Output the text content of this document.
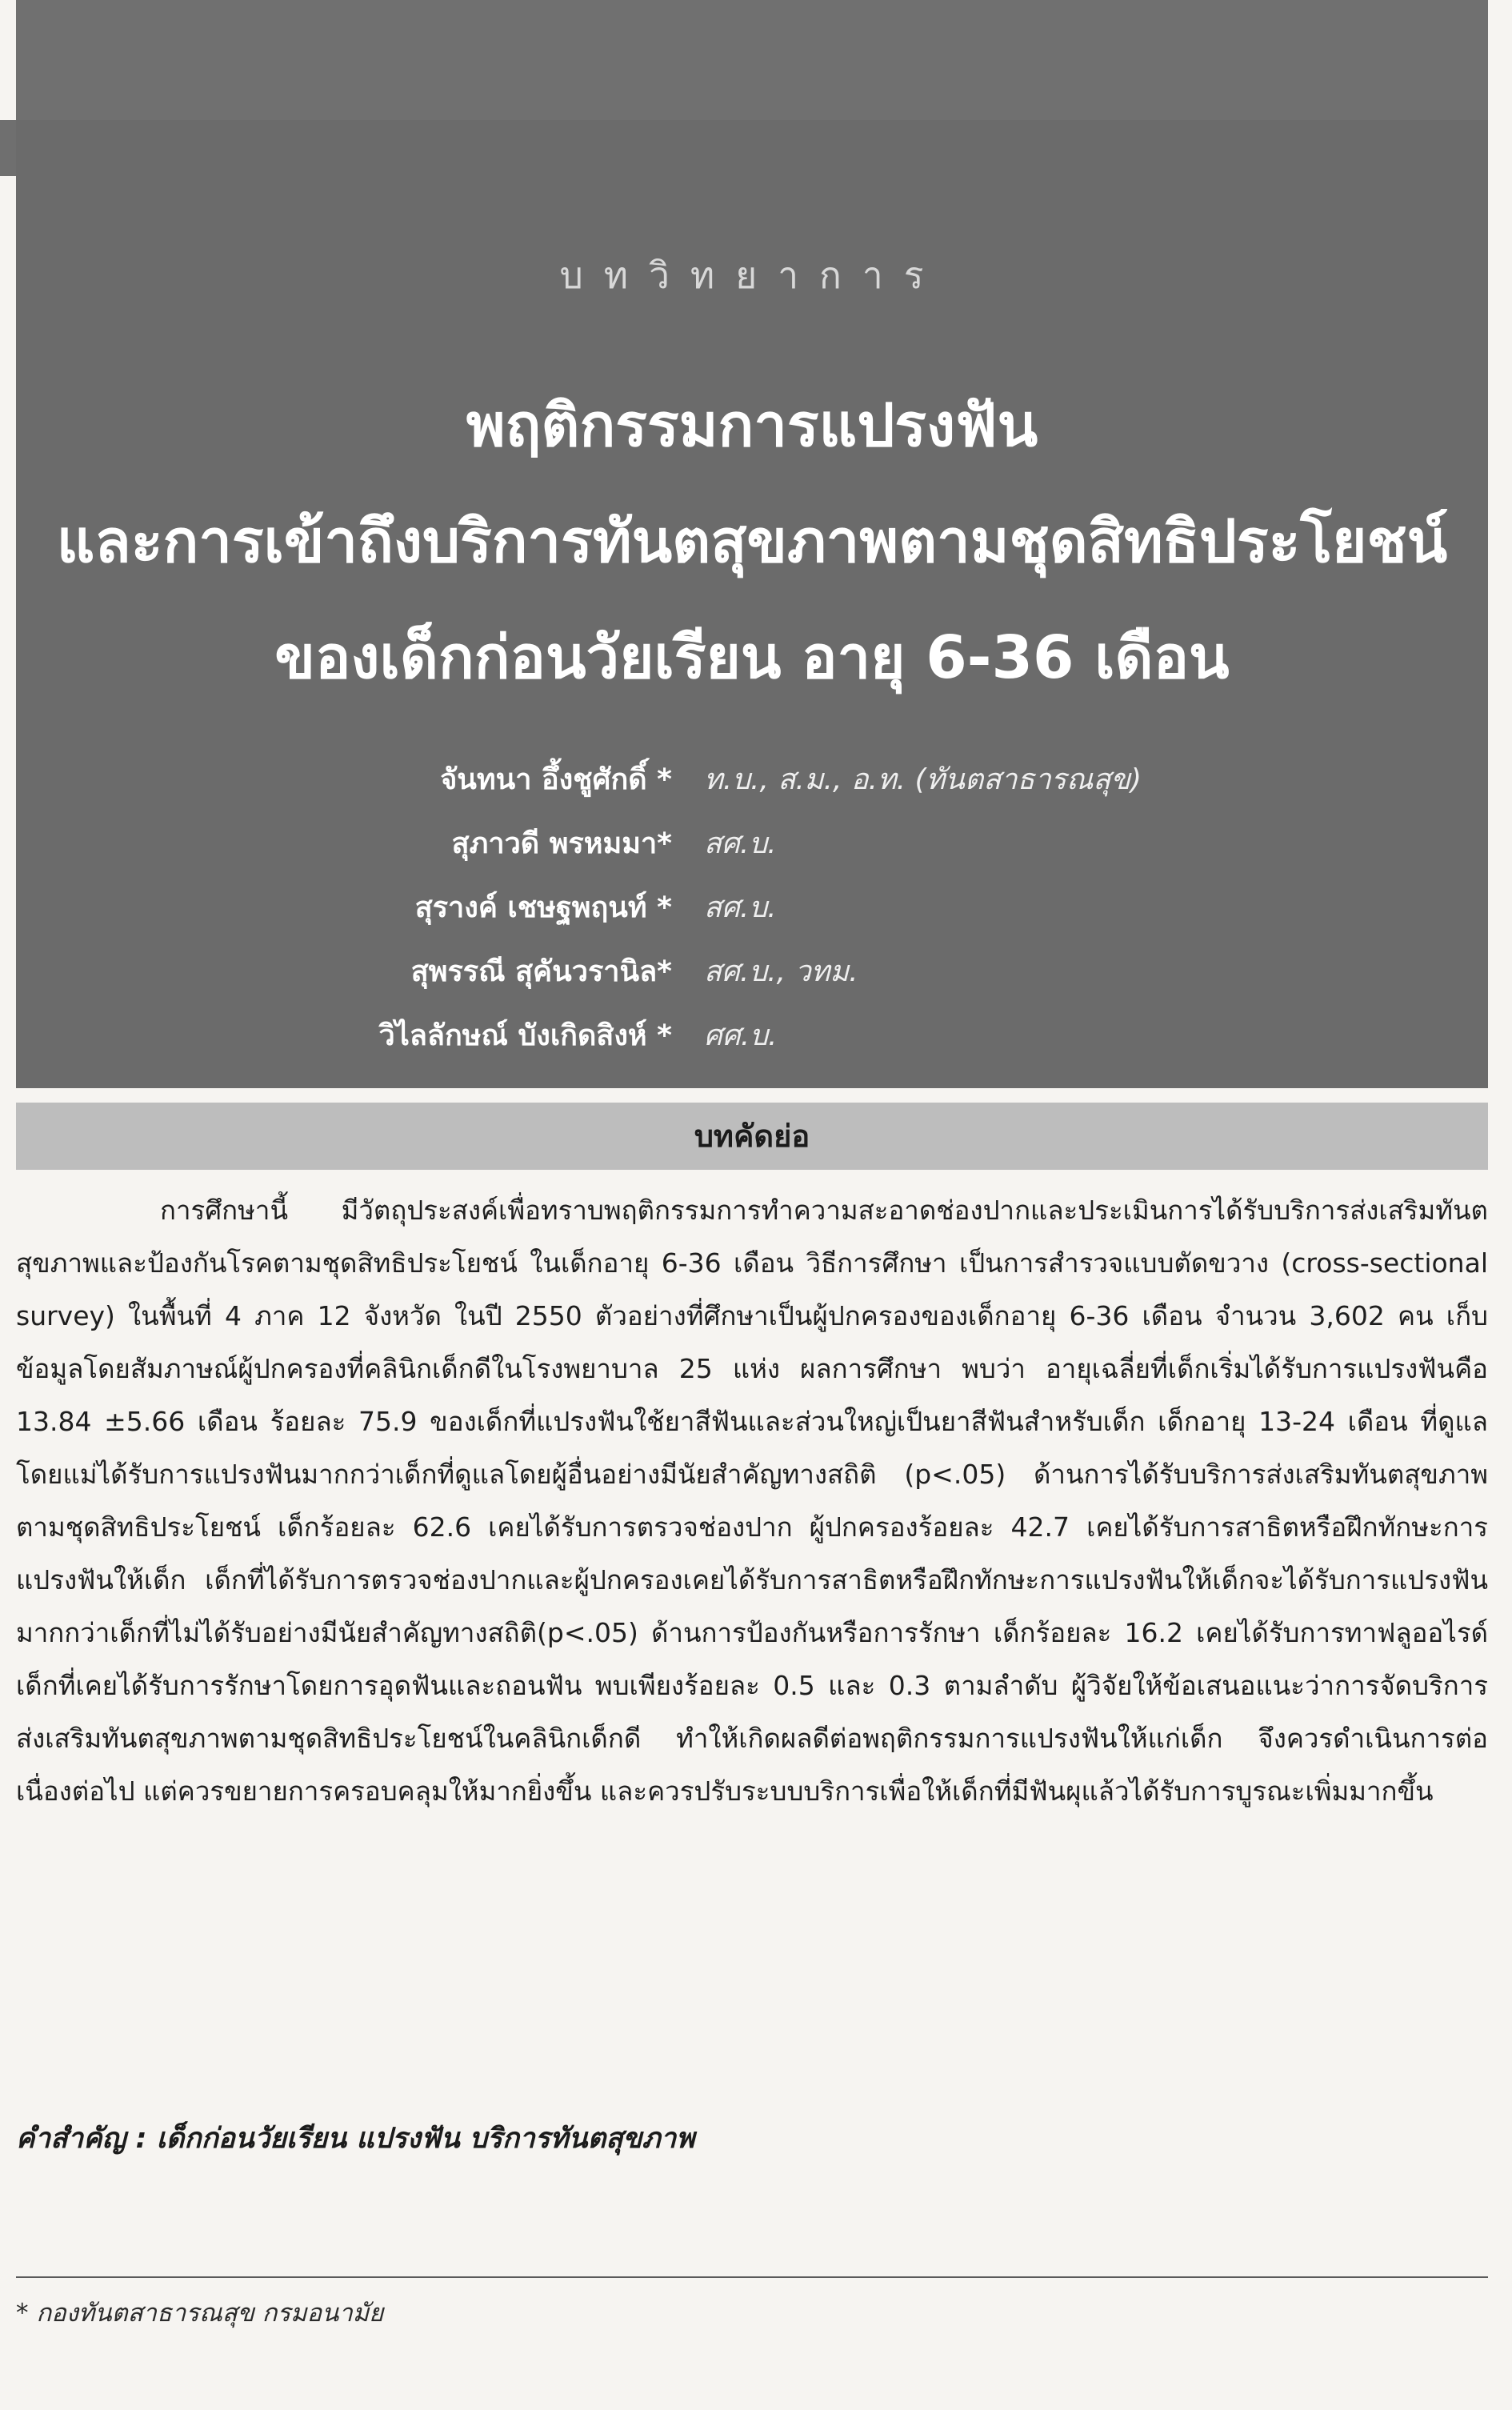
บทวิทยาการ
พฤติกรรมการแปรงฟัน
และการเข้าถึงบริการทันตสุขภาพตามชุดสิทธิประโยชน์
ของเด็กก่อนวัยเรียน อายุ 6-36 เดือน
จันทนา อึ้งชูศักดิ์ * ท.บ., ส.ม., อ.ท. (ทันตสาธารณสุข)
สุภาวดี พรหมมา* สศ.บ.
สุรางค์ เชษฐพฤนท์ * สศ.บ.
สุพรรณี สุคันวรานิล* สศ.บ., วทม.
วิไลลักษณ์ บังเกิดสิงห์ * ศศ.บ.
บทคัดย่อ

การศึกษานี้ มีวัตถุประสงค์เพื่อทราบพฤติกรรมการทำความสะอาดช่องปากและประเมินการได้รับบริการส่งเสริมทันตสุขภาพและป้องกันโรคตามชุดสิทธิประโยชน์ ในเด็กอายุ 6-36 เดือน วิธีการศึกษา เป็นการสำรวจแบบตัดขวาง (cross-sectional survey) ในพื้นที่ 4 ภาค 12 จังหวัด ในปี 2550 ตัวอย่างที่ศึกษาเป็นผู้ปกครองของเด็กอายุ 6-36 เดือน จำนวน 3,602 คน เก็บข้อมูลโดยสัมภาษณ์ผู้ปกครองที่คลินิกเด็กดีในโรงพยาบาล 25 แห่ง ผลการศึกษา พบว่า อายุเฉลี่ยที่เด็กเริ่มได้รับการแปรงฟันคือ 13.84 ±5.66 เดือน ร้อยละ 75.9 ของเด็กที่แปรงฟันใช้ยาสีฟันและส่วนใหญ่เป็นยาสีฟันสำหรับเด็ก เด็กอายุ 13-24 เดือน ที่ดูแลโดยแม่ได้รับการแปรงฟันมากกว่าเด็กที่ดูแลโดยผู้อื่นอย่างมีนัยสำคัญทางสถิติ (p<.05) ด้านการได้รับบริการส่งเสริมทันตสุขภาพตามชุดสิทธิประโยชน์ เด็กร้อยละ 62.6 เคยได้รับการตรวจช่องปาก ผู้ปกครองร้อยละ 42.7 เคยได้รับการสาธิตหรือฝึกทักษะการแปรงฟันให้เด็ก เด็กที่ได้รับการตรวจช่องปากและผู้ปกครองเคยได้รับการสาธิตหรือฝึกทักษะการแปรงฟันให้เด็กจะได้รับการแปรงฟันมากกว่าเด็กที่ไม่ได้รับอย่างมีนัยสำคัญทางสถิติ(p<.05) ด้านการป้องกันหรือการรักษา เด็กร้อยละ 16.2 เคยได้รับการทาฟลูออไรด์ เด็กที่เคยได้รับการรักษาโดยการอุดฟันและถอนฟัน พบเพียงร้อยละ 0.5 และ 0.3 ตามลำดับ ผู้วิจัยให้ข้อเสนอแนะว่าการจัดบริการส่งเสริมทันตสุขภาพตามชุดสิทธิประโยชน์ในคลินิกเด็กดี ทำให้เกิดผลดีต่อพฤติกรรมการแปรงฟันให้แก่เด็ก จึงควรดำเนินการต่อเนื่องต่อไป แต่ควรขยายการครอบคลุมให้มากยิ่งขึ้น และควรปรับระบบบริการเพื่อให้เด็กที่มีฟันผุแล้วได้รับการบูรณะเพิ่มมากขึ้น

คำสำคัญ : เด็กก่อนวัยเรียน แปรงฟัน บริการทันตสุขภาพ
* กองทันตสาธารณสุข กรมอนามัย
